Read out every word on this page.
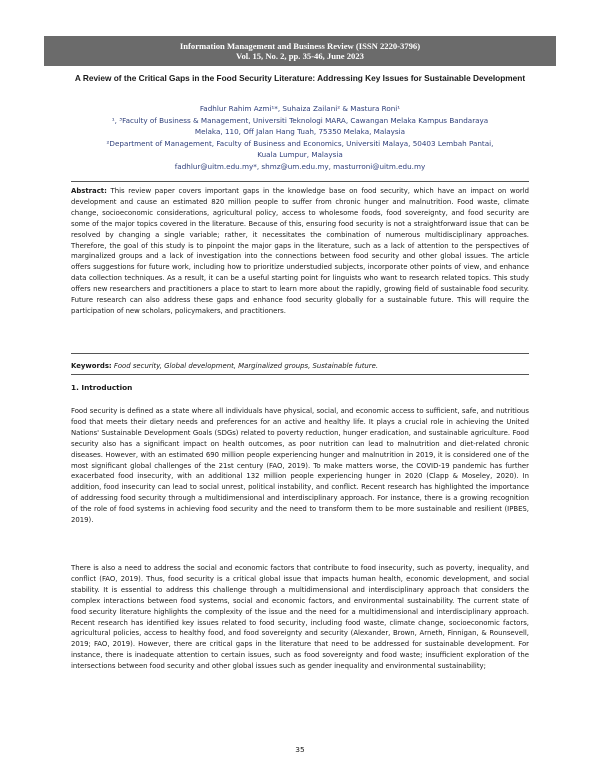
Information Management and Business Review (ISSN 2220-3796)
Vol. 15, No. 2, pp. 35-46, June 2023
A Review of the Critical Gaps in the Food Security Literature: Addressing Key Issues for Sustainable Development
Fadhlur Rahim Azmi¹*, Suhaiza Zailani² & Mastura Roni¹
¹, ³Faculty of Business & Management, Universiti Teknologi MARA, Cawangan Melaka Kampus Bandaraya
Melaka, 110, Off Jalan Hang Tuah, 75350 Melaka, Malaysia
²Department of Management, Faculty of Business and Economics, Universiti Malaya, 50403 Lembah Pantai,
Kuala Lumpur, Malaysia
fadhlur@uitm.edu.my*, shmz@um.edu.my, masturroni@uitm.edu.my
Abstract: This review paper covers important gaps in the knowledge base on food security, which have an impact on world development and cause an estimated 820 million people to suffer from chronic hunger and malnutrition. Food waste, climate change, socioeconomic considerations, agricultural policy, access to wholesome foods, food sovereignty, and food security are some of the major topics covered in the literature. Because of this, ensuring food security is not a straightforward issue that can be resolved by changing a single variable; rather, it necessitates the combination of numerous multidisciplinary approaches. Therefore, the goal of this study is to pinpoint the major gaps in the literature, such as a lack of attention to the perspectives of marginalized groups and a lack of investigation into the connections between food security and other global issues. The article offers suggestions for future work, including how to prioritize understudied subjects, incorporate other points of view, and enhance data collection techniques. As a result, it can be a useful starting point for linguists who want to research related topics. This study offers new researchers and practitioners a place to start to learn more about the rapidly, growing field of sustainable food security. Future research can also address these gaps and enhance food security globally for a sustainable future. This will require the participation of new scholars, policymakers, and practitioners.
Keywords: Food security, Global development, Marginalized groups, Sustainable future.
1. Introduction
Food security is defined as a state where all individuals have physical, social, and economic access to sufficient, safe, and nutritious food that meets their dietary needs and preferences for an active and healthy life. It plays a crucial role in achieving the United Nations' Sustainable Development Goals (SDGs) related to poverty reduction, hunger eradication, and sustainable agriculture. Food security also has a significant impact on health outcomes, as poor nutrition can lead to malnutrition and diet-related chronic diseases. However, with an estimated 690 million people experiencing hunger and malnutrition in 2019, it is considered one of the most significant global challenges of the 21st century (FAO, 2019). To make matters worse, the COVID-19 pandemic has further exacerbated food insecurity, with an additional 132 million people experiencing hunger in 2020 (Clapp & Moseley, 2020). In addition, food insecurity can lead to social unrest, political instability, and conflict. Recent research has highlighted the importance of addressing food security through a multidimensional and interdisciplinary approach. For instance, there is a growing recognition of the role of food systems in achieving food security and the need to transform them to be more sustainable and resilient (IPBES, 2019).
There is also a need to address the social and economic factors that contribute to food insecurity, such as poverty, inequality, and conflict (FAO, 2019). Thus, food security is a critical global issue that impacts human health, economic development, and social stability. It is essential to address this challenge through a multidimensional and interdisciplinary approach that considers the complex interactions between food systems, social and economic factors, and environmental sustainability. The current state of food security literature highlights the complexity of the issue and the need for a multidimensional and interdisciplinary approach. Recent research has identified key issues related to food security, including food waste, climate change, socioeconomic factors, agricultural policies, access to healthy food, and food sovereignty and security (Alexander, Brown, Arneth, Finnigan, & Rounsevell, 2019; FAO, 2019). However, there are critical gaps in the literature that need to be addressed for sustainable development. For instance, there is inadequate attention to certain issues, such as food sovereignty and food waste; insufficient exploration of the intersections between food security and other global issues such as gender inequality and environmental sustainability;
35
